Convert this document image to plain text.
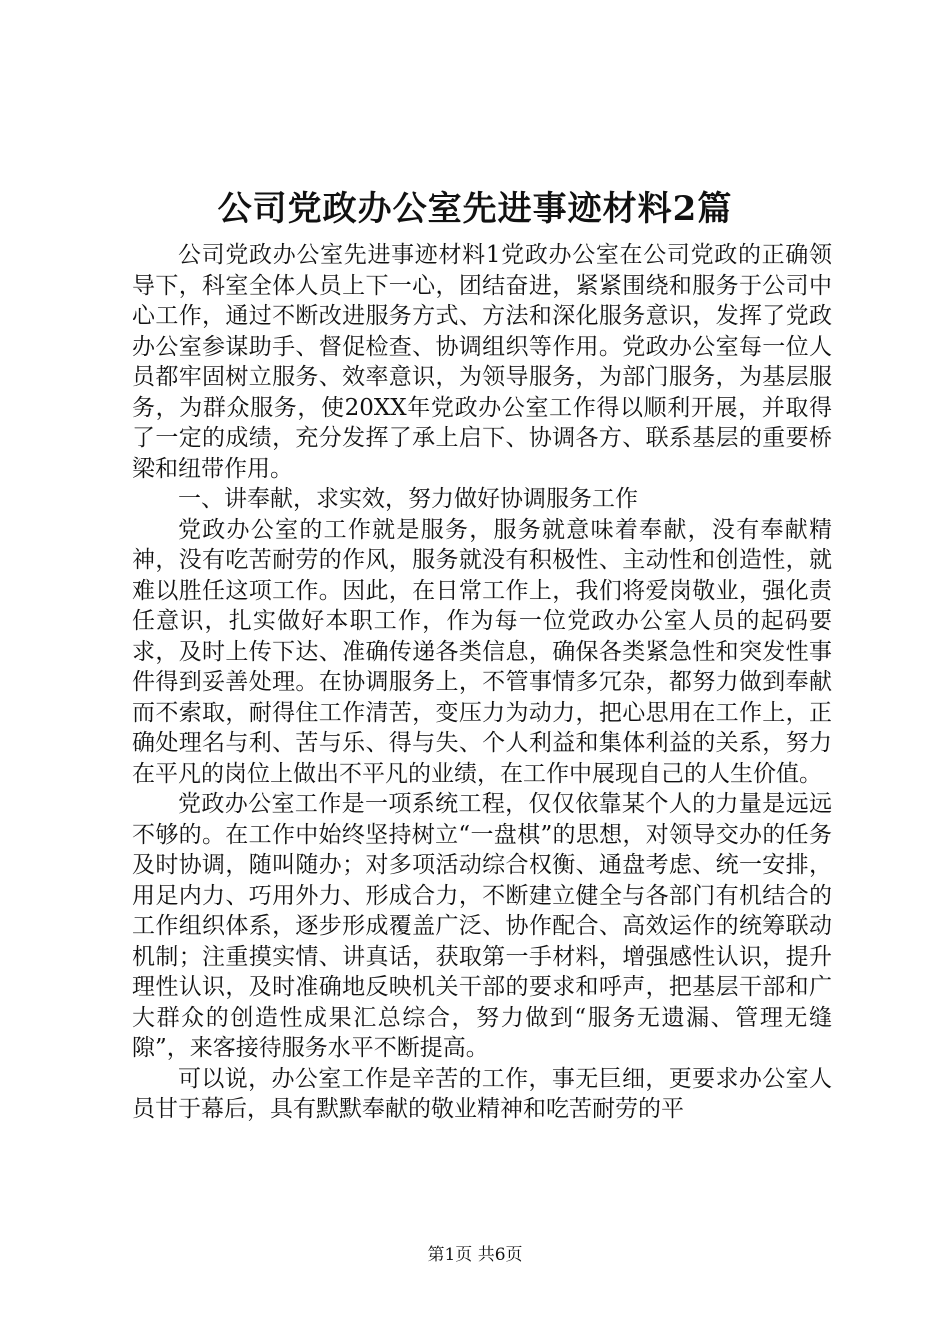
公司党政办公室先进事迹材料2篇

公司党政办公室先进事迹材料1党政办公室在公司党政的正确领导下，科室全体人员上下一心，团结奋进，紧紧围绕和服务于公司中心工作，通过不断改进服务方式、方法和深化服务意识，发挥了党政办公室参谋助手、督促检查、协调组织等作用。党政办公室每一位人员都牢固树立服务、效率意识，为领导服务，为部门服务，为基层服务，为群众服务，使20XX年党政办公室工作得以顺利开展，并取得了一定的成绩，充分发挥了承上启下、协调各方、联系基层的重要桥梁和纽带作用。

一、讲奉献，求实效，努力做好协调服务工作

党政办公室的工作就是服务，服务就意味着奉献，没有奉献精神，没有吃苦耐劳的作风，服务就没有积极性、主动性和创造性，就难以胜任这项工作。因此，在日常工作上，我们将爱岗敬业，强化责任意识，扎实做好本职工作，作为每一位党政办公室人员的起码要求，及时上传下达、准确传递各类信息，确保各类紧急性和突发性事件得到妥善处理。在协调服务上，不管事情多冗杂，都努力做到奉献而不索取，耐得住工作清苦，变压力为动力，把心思用在工作上，正确处理名与利、苦与乐、得与失、个人利益和集体利益的关系，努力在平凡的岗位上做出不平凡的业绩，在工作中展现自己的人生价值。

党政办公室工作是一项系统工程，仅仅依靠某个人的力量是远远不够的。在工作中始终坚持树立“一盘棋”的思想，对领导交办的任务及时协调，随叫随办；对多项活动综合权衡、通盘考虑、统一安排，用足内力、巧用外力、形成合力，不断建立健全与各部门有机结合的工作组织体系，逐步形成覆盖广泛、协作配合、高效运作的统筹联动机制；注重摸实情、讲真话，获取第一手材料，增强感性认识，提升理性认识，及时准确地反映机关干部的要求和呼声，把基层干部和广大群众的创造性成果汇总综合，努力做到“服务无遗漏、管理无缝隙”，来客接待服务水平不断提高。

可以说，办公室工作是辛苦的工作，事无巨细，更要求办公室人员甘于幕后，具有默默奉献的敬业精神和吃苦耐劳的平

第1页 共6页
